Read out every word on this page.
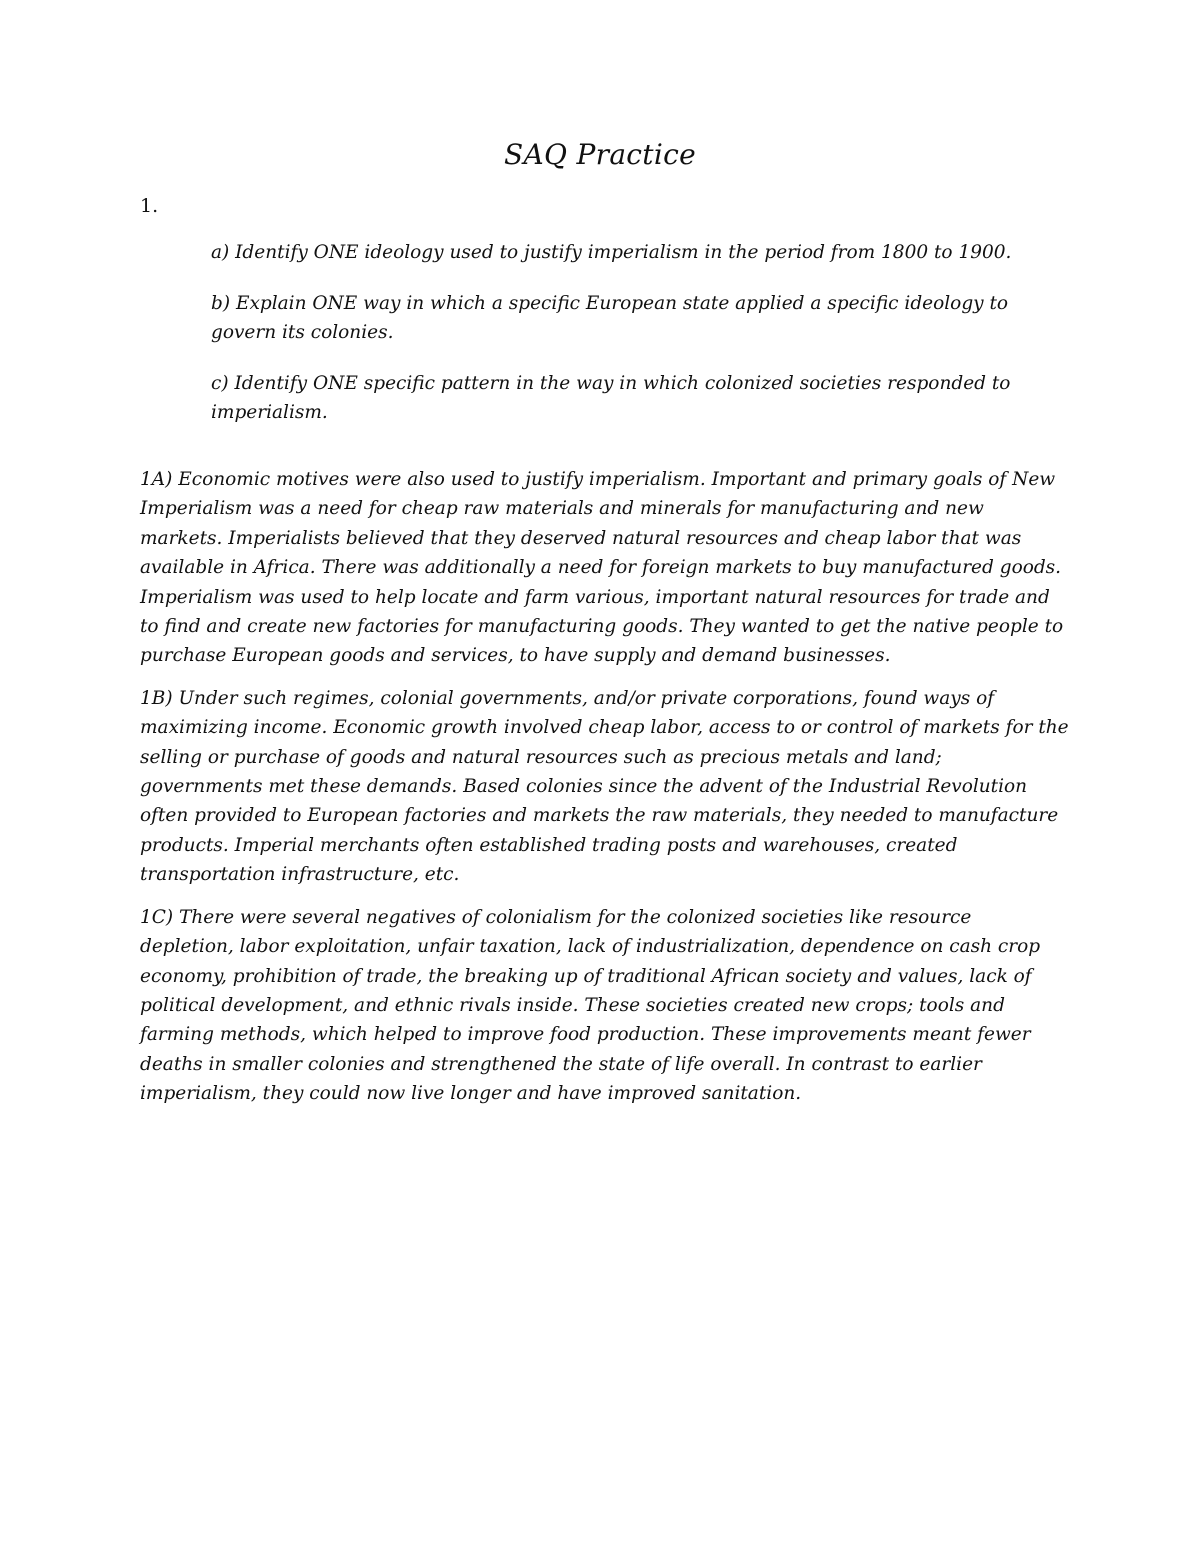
SAQ Practice
1.

a) Identify ONE ideology used to justify imperialism in the period from 1800 to 1900.

b) Explain ONE way in which a specific European state applied a specific ideology to govern its colonies.

c) Identify ONE specific pattern in the way in which colonized societies responded to imperialism.

1A) Economic motives were also used to justify imperialism. Important and primary goals of New Imperialism was a need for cheap raw materials and minerals for manufacturing and new markets. Imperialists believed that they deserved natural resources and cheap labor that was available in Africa. There was additionally a need for foreign markets to buy manufactured goods. Imperialism was used to help locate and farm various, important natural resources for trade and to find and create new factories for manufacturing goods. They wanted to get the native people to purchase European goods and services, to have supply and demand businesses.

1B) Under such regimes, colonial governments, and/or private corporations, found ways of maximizing income. Economic growth involved cheap labor, access to or control of markets for the selling or purchase of goods and natural resources such as precious metals and land; governments met these demands. Based colonies since the advent of the Industrial Revolution often provided to European factories and markets the raw materials, they needed to manufacture products. Imperial merchants often established trading posts and warehouses, created transportation infrastructure, etc.

1C) There were several negatives of colonialism for the colonized societies like resource depletion, labor exploitation, unfair taxation, lack of industrialization, dependence on cash crop economy, prohibition of trade, the breaking up of traditional African society and values, lack of political development, and ethnic rivals inside. These societies created new crops; tools and farming methods, which helped to improve food production. These improvements meant fewer deaths in smaller colonies and strengthened the state of life overall. In contrast to earlier imperialism, they could now live longer and have improved sanitation.
